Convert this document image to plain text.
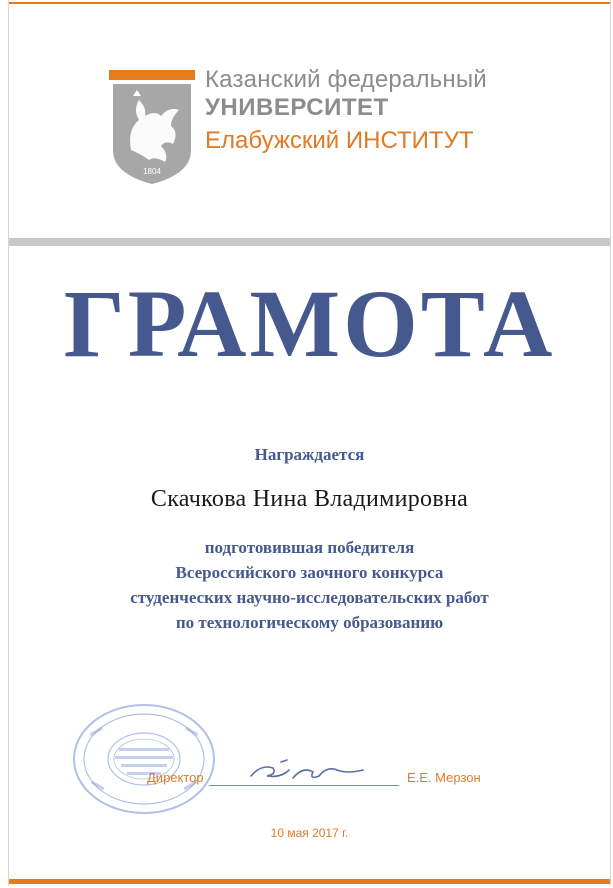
1804
Казанский федеральный
УНИВЕРСИТЕТ
Елабужский ИНСТИТУТ
ГРАМОТА
Награждается
Скачкова Нина Владимировна
подготовившая победителя
Всероссийского заочного конкурса
студенческих научно-исследовательских работ
по технологическому образованию
Директор	Е.Е. Мерзон
10 мая 2017 г.
